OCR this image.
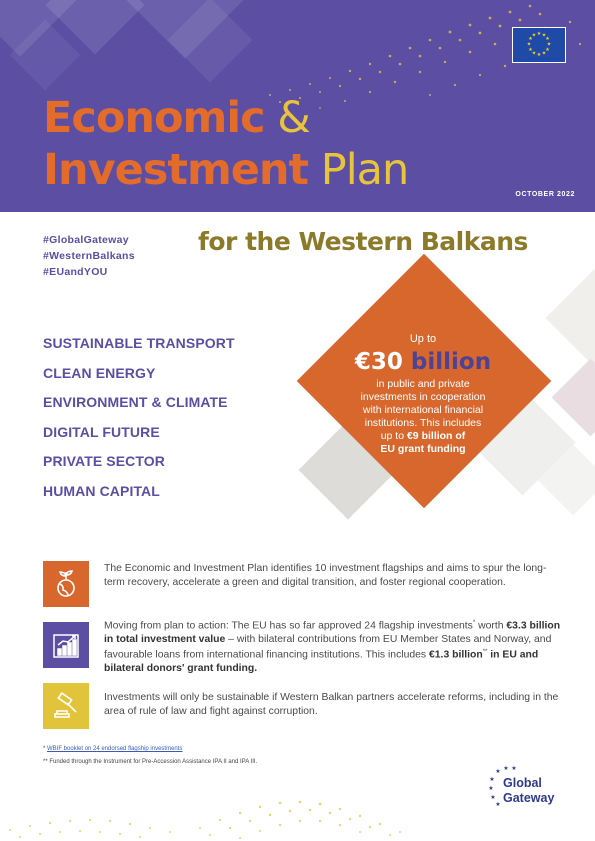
★ ★
★
★
★
★
★
★
★
★
★
★
Economic &
Investment Plan	OCTOBER 2022
#GlobalGateway
#WesternBalkans
#EUandYOU
for the Western Balkans
SUSTAINABLE TRANSPORT
CLEAN ENERGY
ENVIRONMENT & CLIMATE
DIGITAL FUTURE
PRIVATE SECTOR
HUMAN CAPITAL
Up to
€30 billion
in public and private
investments in cooperation
with international financial
institutions. This includes
up to €9 billion of
EU grant funding
The Economic and Investment Plan identifies 10 investment flagships and aims to spur the long-term recovery, accelerate a green and digital transition, and foster regional cooperation.
Moving from plan to action: The EU has so far approved 24 flagship investments* worth €3.3 billion in total investment value – with bilateral contributions from EU Member States and Norway, and favourable loans from international financing institutions. This includes €1.3 billion** in EU and bilateral donors' grant funding.
Investments will only be sustainable if Western Balkan partners accelerate reforms, including in the area of rule of law and fight against corruption.
* WBIF booklet on 24 endorsed flagship investments
** Funded through the Instrument for Pre-Accession Assistance IPA II and IPA III.
★ ★ ★
★
★
★
★
Global
Gateway
